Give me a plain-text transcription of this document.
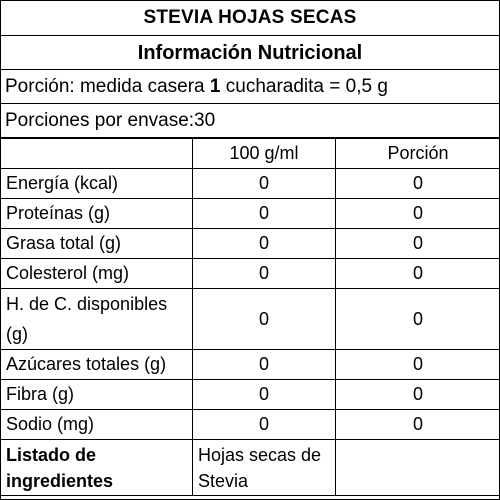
STEVIA HOJAS SECAS
Información Nutricional
Porción: medida casera 1 cucharadita = 0,5 g
Porciones por envase:30
	100 g/ml	Porción
Energía (kcal)	0	0
Proteínas (g)	0	0
Grasa total (g)	0	0
Colesterol (mg)	0	0
H. de C. disponibles (g)	0	0
Azúcares totales (g)	0	0
Fibra (g)	0	0
Sodio (mg)	0	0
Listado de ingredientes	Hojas secas de Stevia	
